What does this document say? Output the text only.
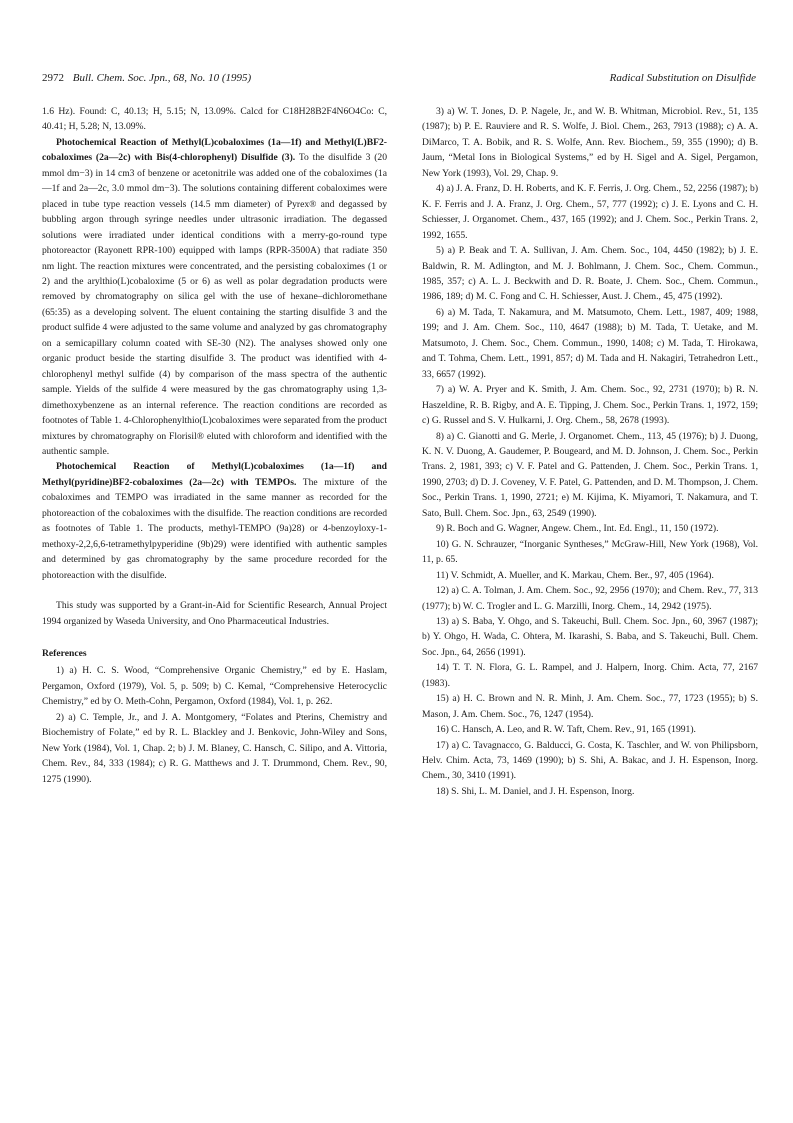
2972 Bull. Chem. Soc. Jpn., 68, No. 10 (1995)	Radical Substitution on Disulfide

1.6 Hz). Found: C, 40.13; H, 5.15; N, 13.09%. Calcd for C18H28B2F4N6O4Co: C, 40.41; H, 5.28; N, 13.09%.

Photochemical Reaction of Methyl(L)cobaloximes (1a—1f) and Methyl(L)BF2-cobaloximes (2a—2c) with Bis(4-chlorophenyl) Disulfide (3). To the disulfide 3 (20 mmol dm−3) in 14 cm3 of benzene or acetonitrile was added one of the cobaloximes (1a—1f and 2a—2c, 3.0 mmol dm−3). The solutions containing different cobaloximes were placed in tube type reaction vessels (14.5 mm diameter) of Pyrex® and degassed by bubbling argon through syringe needles under ultrasonic irradiation. The degassed solutions were irradiated under identical conditions with a merry-go-round type photoreactor (Rayonett RPR-100) equipped with lamps (RPR-3500A) that radiate 350 nm light. The reaction mixtures were concentrated, and the persisting cobaloximes (1 or 2) and the arylthio(L)cobaloxime (5 or 6) as well as polar degradation products were removed by chromatography on silica gel with the use of hexane–dichloromethane (65:35) as a developing solvent. The eluent containing the starting disulfide 3 and the product sulfide 4 were adjusted to the same volume and analyzed by gas chromatography on a semicapillary column coated with SE-30 (N2). The analyses showed only one organic product beside the starting disulfide 3. The product was identified with 4-chlorophenyl methyl sulfide (4) by comparison of the mass spectra of the authentic sample. Yields of the sulfide 4 were measured by the gas chromatography using 1,3-dimethoxybenzene as an internal reference. The reaction conditions are recorded as footnotes of Table 1. 4-Chlorophenylthio(L)cobaloximes were separated from the product mixtures by chromatography on Florisil® eluted with chloroform and identified with the authentic sample.

Photochemical Reaction of Methyl(L)cobaloximes (1a—1f) and Methyl(pyridine)BF2-cobaloximes (2a—2c) with TEMPOs. The mixture of the cobaloximes and TEMPO was irradiated in the same manner as recorded for the photoreaction of the cobaloximes with the disulfide. The reaction conditions are recorded as footnotes of Table 1. The products, methyl-TEMPO (9a)28) or 4-benzoyloxy-1-methoxy-2,2,6,6-tetramethylpyperidine (9b)29) were identified with authentic samples and determined by gas chromatography by the same procedure recorded for the photoreaction with the disulfide.

This study was supported by a Grant-in-Aid for Scientific Research, Annual Project 1994 organized by Waseda University, and Ono Pharmaceutical Industries.

References

1) a) H. C. S. Wood, “Comprehensive Organic Chemistry,” ed by E. Haslam, Pergamon, Oxford (1979), Vol. 5, p. 509; b) C. Kemal, “Comprehensive Heterocyclic Chemistry,” ed by O. Meth-Cohn, Pergamon, Oxford (1984), Vol. 1, p. 262.

2) a) C. Temple, Jr., and J. A. Montgomery, “Folates and Pterins, Chemistry and Biochemistry of Folate,” ed by R. L. Blackley and J. Benkovic, John-Wiley and Sons, New York (1984), Vol. 1, Chap. 2; b) J. M. Blaney, C. Hansch, C. Silipo, and A. Vittoria, Chem. Rev., 84, 333 (1984); c) R. G. Matthews and J. T. Drummond, Chem. Rev., 90, 1275 (1990).

3) a) W. T. Jones, D. P. Nagele, Jr., and W. B. Whitman, Microbiol. Rev., 51, 135 (1987); b) P. E. Rauviere and R. S. Wolfe, J. Biol. Chem., 263, 7913 (1988); c) A. A. DiMarco, T. A. Bobik, and R. S. Wolfe, Ann. Rev. Biochem., 59, 355 (1990); d) B. Jaum, “Metal Ions in Biological Systems,” ed by H. Sigel and A. Sigel, Pergamon, New York (1993), Vol. 29, Chap. 9.

4) a) J. A. Franz, D. H. Roberts, and K. F. Ferris, J. Org. Chem., 52, 2256 (1987); b) K. F. Ferris and J. A. Franz, J. Org. Chem., 57, 777 (1992); c) J. E. Lyons and C. H. Schiesser, J. Organomet. Chem., 437, 165 (1992); and J. Chem. Soc., Perkin Trans. 2, 1992, 1655.

5) a) P. Beak and T. A. Sullivan, J. Am. Chem. Soc., 104, 4450 (1982); b) J. E. Baldwin, R. M. Adlington, and M. J. Bohlmann, J. Chem. Soc., Chem. Commun., 1985, 357; c) A. L. J. Beckwith and D. R. Boate, J. Chem. Soc., Chem. Commun., 1986, 189; d) M. C. Fong and C. H. Schiesser, Aust. J. Chem., 45, 475 (1992).

6) a) M. Tada, T. Nakamura, and M. Matsumoto, Chem. Lett., 1987, 409; 1988, 199; and J. Am. Chem. Soc., 110, 4647 (1988); b) M. Tada, T. Uetake, and M. Matsumoto, J. Chem. Soc., Chem. Commun., 1990, 1408; c) M. Tada, T. Hirokawa, and T. Tohma, Chem. Lett., 1991, 857; d) M. Tada and H. Nakagiri, Tetrahedron Lett., 33, 6657 (1992).

7) a) W. A. Pryer and K. Smith, J. Am. Chem. Soc., 92, 2731 (1970); b) R. N. Haszeldine, R. B. Rigby, and A. E. Tipping, J. Chem. Soc., Perkin Trans. 1, 1972, 159; c) G. Russel and S. V. Hulkarni, J. Org. Chem., 58, 2678 (1993).

8) a) C. Gianotti and G. Merle, J. Organomet. Chem., 113, 45 (1976); b) J. Duong, K. N. V. Duong, A. Gaudemer, P. Bougeard, and M. D. Johnson, J. Chem. Soc., Perkin Trans. 2, 1981, 393; c) V. F. Patel and G. Pattenden, J. Chem. Soc., Perkin Trans. 1, 1990, 2703; d) D. J. Coveney, V. F. Patel, G. Pattenden, and D. M. Thompson, J. Chem. Soc., Perkin Trans. 1, 1990, 2721; e) M. Kijima, K. Miyamori, T. Nakamura, and T. Sato, Bull. Chem. Soc. Jpn., 63, 2549 (1990).

9) R. Boch and G. Wagner, Angew. Chem., Int. Ed. Engl., 11, 150 (1972).

10) G. N. Schrauzer, “Inorganic Syntheses,” McGraw-Hill, New York (1968), Vol. 11, p. 65.

11) V. Schmidt, A. Mueller, and K. Markau, Chem. Ber., 97, 405 (1964).

12) a) C. A. Tolman, J. Am. Chem. Soc., 92, 2956 (1970); and Chem. Rev., 77, 313 (1977); b) W. C. Trogler and L. G. Marzilli, Inorg. Chem., 14, 2942 (1975).

13) a) S. Baba, Y. Ohgo, and S. Takeuchi, Bull. Chem. Soc. Jpn., 60, 3967 (1987); b) Y. Ohgo, H. Wada, C. Ohtera, M. Ikarashi, S. Baba, and S. Takeuchi, Bull. Chem. Soc. Jpn., 64, 2656 (1991).

14) T. T. N. Flora, G. L. Rampel, and J. Halpern, Inorg. Chim. Acta, 77, 2167 (1983).

15) a) H. C. Brown and N. R. Minh, J. Am. Chem. Soc., 77, 1723 (1955); b) S. Mason, J. Am. Chem. Soc., 76, 1247 (1954).

16) C. Hansch, A. Leo, and R. W. Taft, Chem. Rev., 91, 165 (1991).

17) a) C. Tavagnacco, G. Balducci, G. Costa, K. Taschler, and W. von Philipsborn, Helv. Chim. Acta, 73, 1469 (1990); b) S. Shi, A. Bakac, and J. H. Espenson, Inorg. Chem., 30, 3410 (1991).

18) S. Shi, L. M. Daniel, and J. H. Espenson, Inorg.
